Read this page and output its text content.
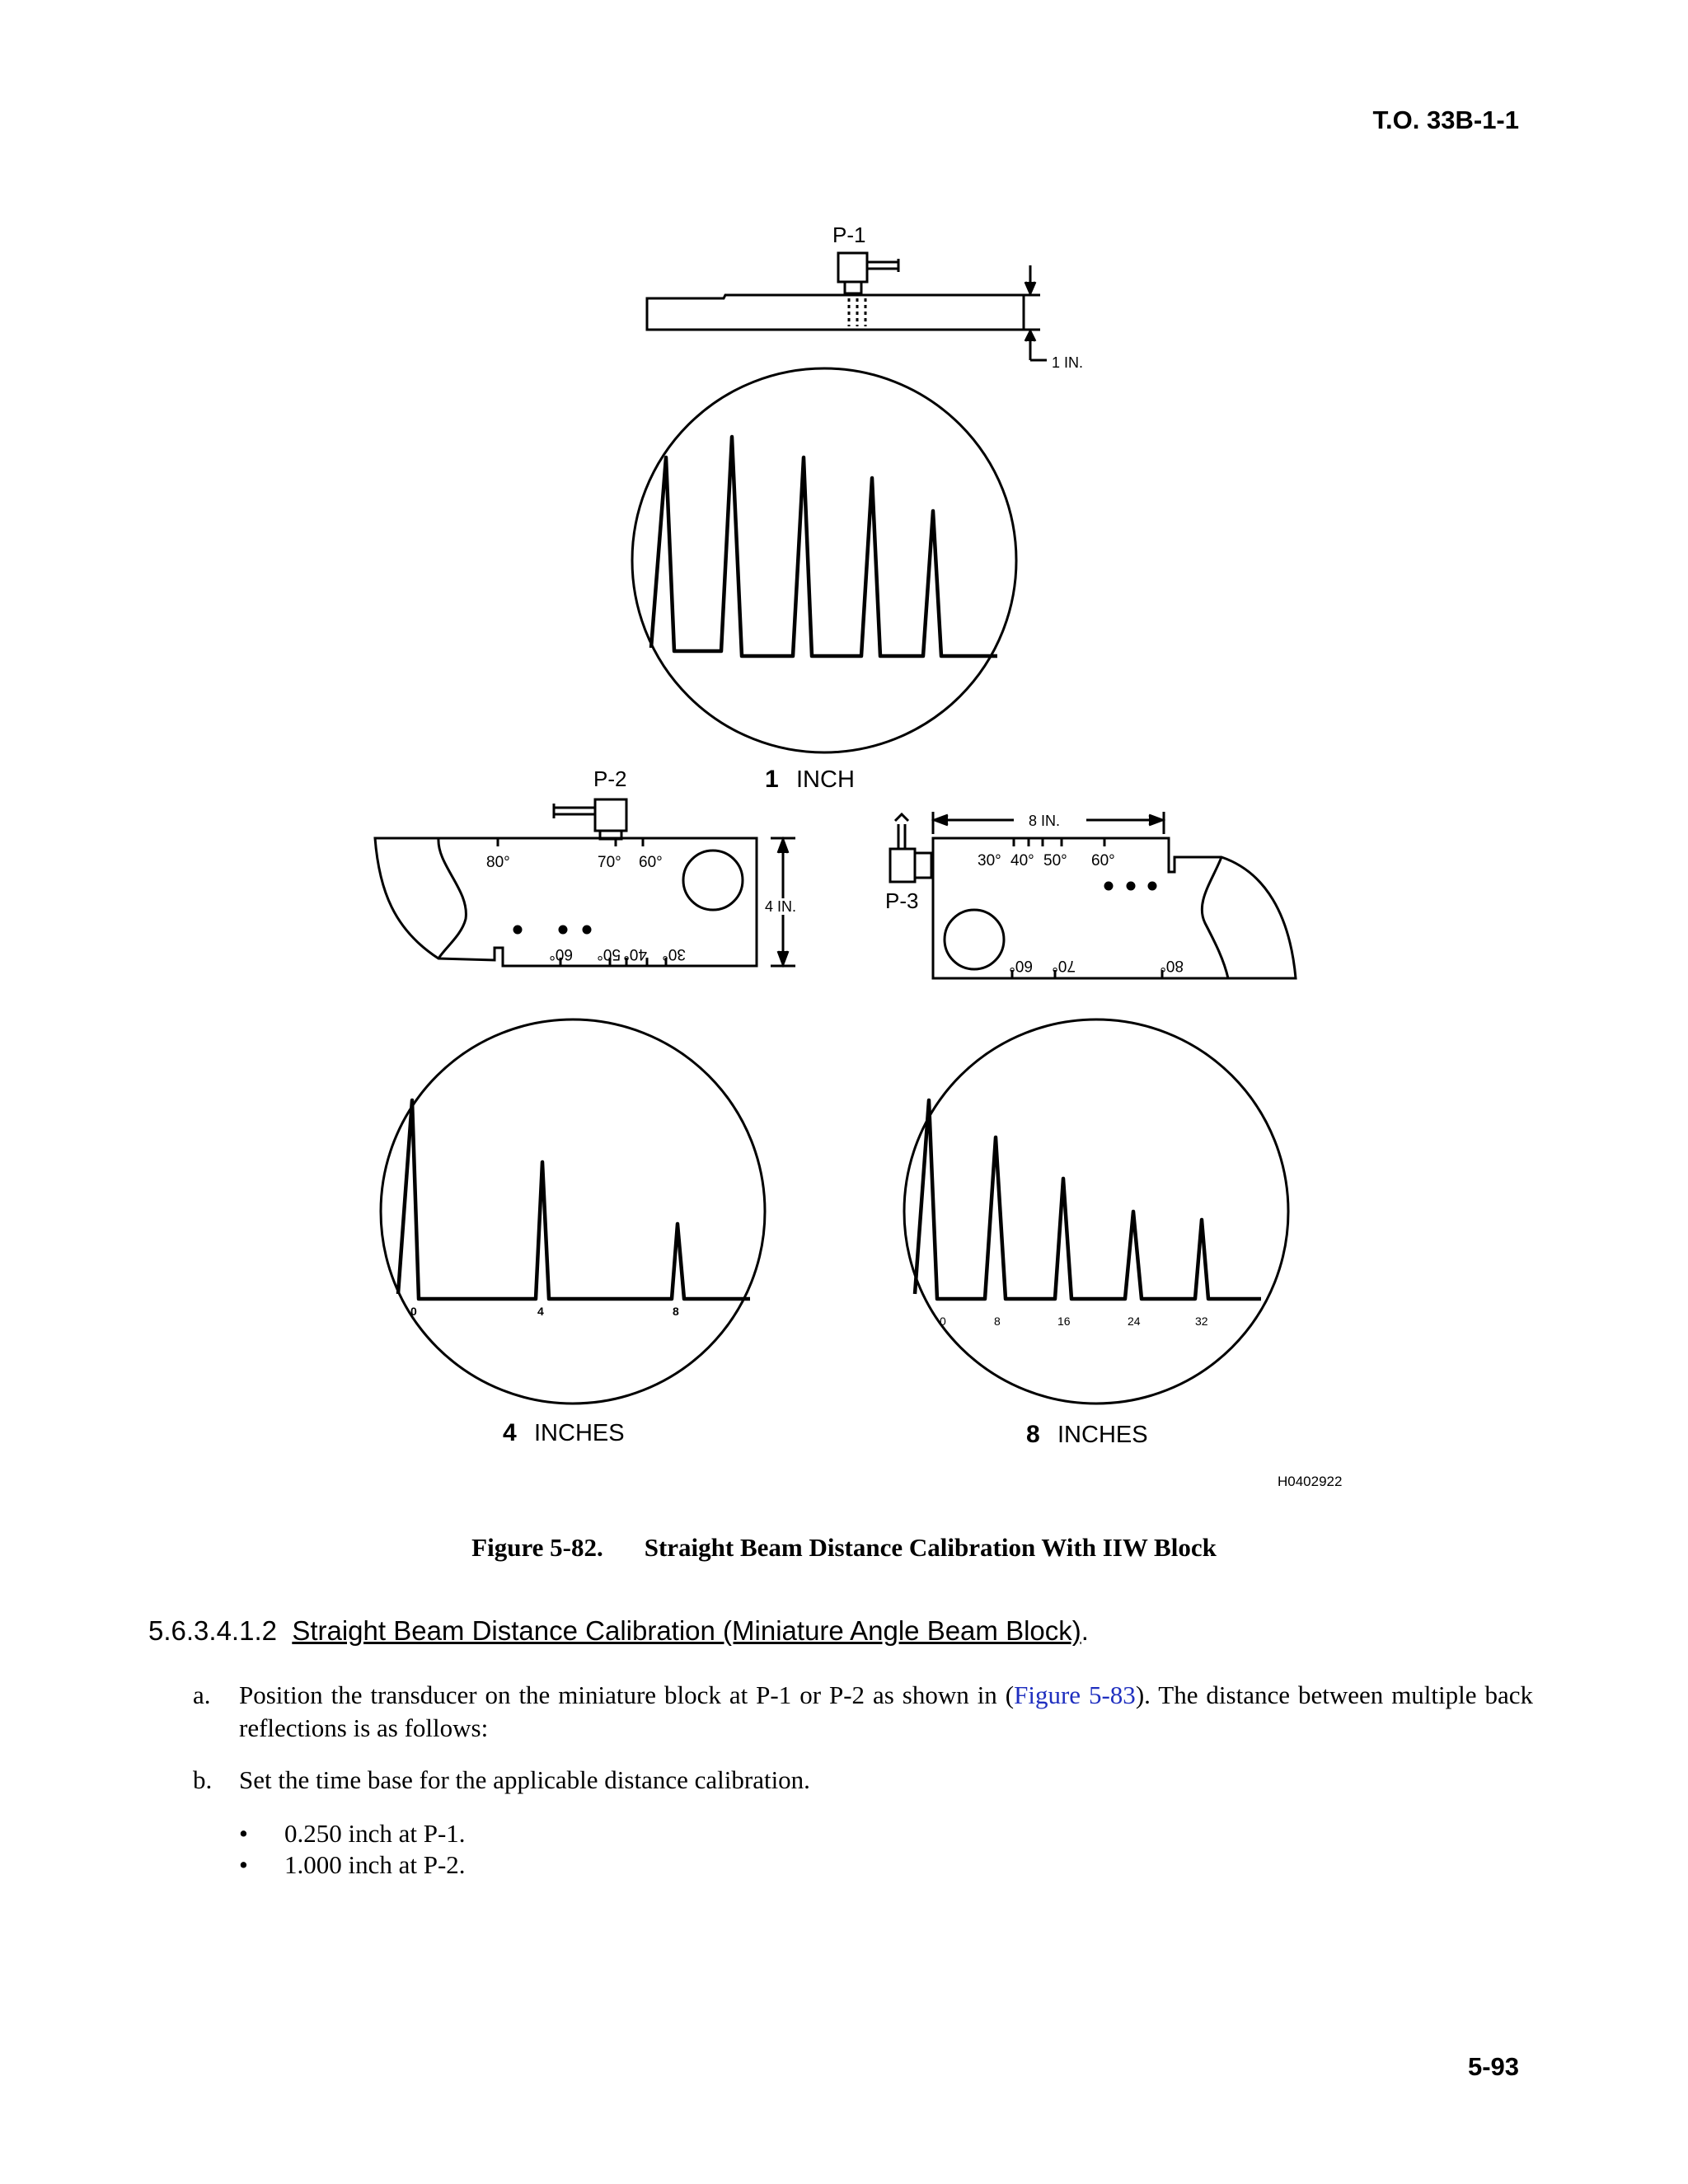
T.O. 33B-1-1
P-1
1 IN.
1 INCH
P-2
4 IN.
80°	70° 60°
60° 50° 40° 30°
0	4	8
4 INCHES
P-3
8 IN.
30° 40° 50° 60°
60° 70°	80°
0	8	16	24	32
8 INCHES
H0402922
Figure 5-82. Straight Beam Distance Calibration With IIW Block
5.6.3.4.1.2 Straight Beam Distance Calibration (Miniature Angle Beam Block).
a. Position the transducer on the miniature block at P-1 or P-2 as shown in (Figure 5-83). The distance between multiple back reflections is as follows:
b. Set the time base for the applicable distance calibration.
• 0.250 inch at P-1.
• 1.000 inch at P-2.
5-93
